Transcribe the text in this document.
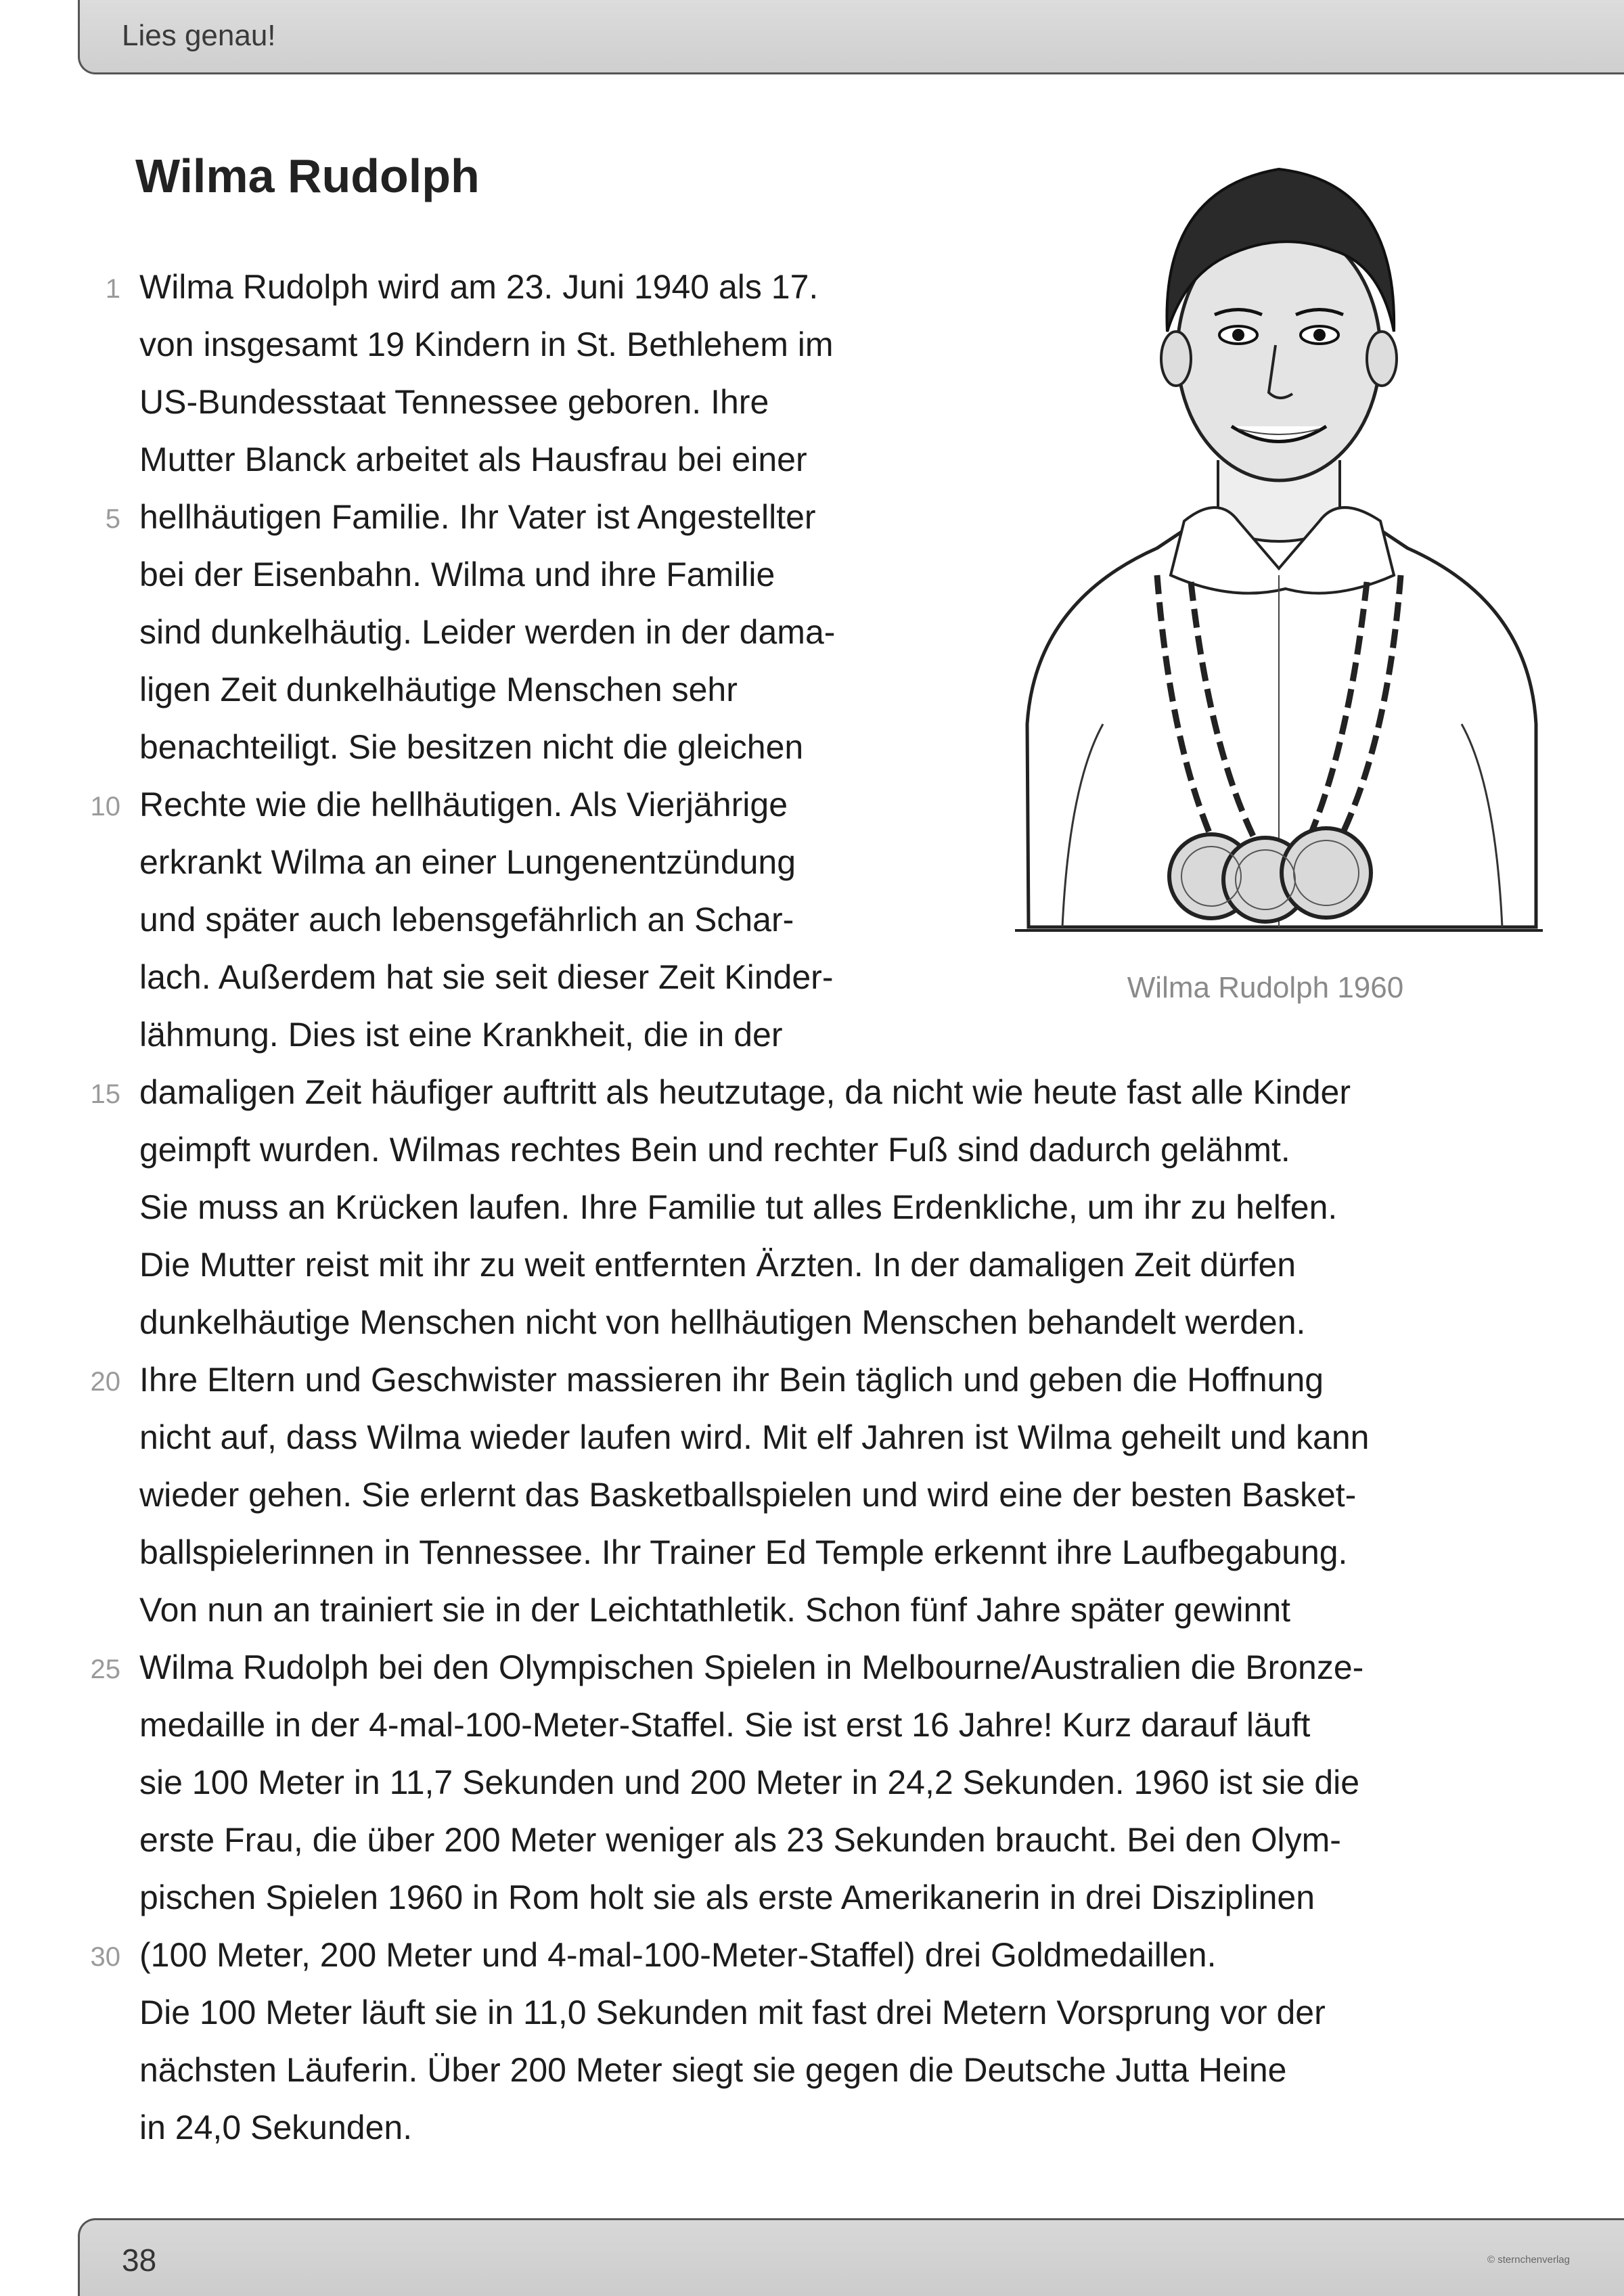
Lies genau!
Wilma Rudolph
Wilma Rudolph 1960
Wilma Rudolph wird am 23. Juni 1940 als 17.
von insgesamt 19 Kindern in St. Bethlehem im
US-Bundesstaat Tennessee geboren. Ihre
Mutter Blanck arbeitet als Hausfrau bei einer
hellhäutigen Familie. Ihr Vater ist Angestellter
bei der Eisenbahn. Wilma und ihre Familie
sind dunkelhäutig. Leider werden in der dama-
ligen Zeit dunkelhäutige Menschen sehr
benachteiligt. Sie besitzen nicht die gleichen
Rechte wie die hellhäutigen. Als Vierjährige
erkrankt Wilma an einer Lungenentzündung
und später auch lebensgefährlich an Schar-
lach. Außerdem hat sie seit dieser Zeit Kinder-
lähmung. Dies ist eine Krankheit, die in der
damaligen Zeit häufiger auftritt als heutzutage, da nicht wie heute fast alle Kinder
geimpft wurden. Wilmas rechtes Bein und rechter Fuß sind dadurch gelähmt.
Sie muss an Krücken laufen. Ihre Familie tut alles Erdenkliche, um ihr zu helfen.
Die Mutter reist mit ihr zu weit entfernten Ärzten. In der damaligen Zeit dürfen
dunkelhäutige Menschen nicht von hellhäutigen Menschen behandelt werden.
Ihre Eltern und Geschwister massieren ihr Bein täglich und geben die Hoffnung
nicht auf, dass Wilma wieder laufen wird. Mit elf Jahren ist Wilma geheilt und kann
wieder gehen. Sie erlernt das Basketballspielen und wird eine der besten Basket-
ballspielerinnen in Tennessee. Ihr Trainer Ed Temple erkennt ihre Laufbegabung.
Von nun an trainiert sie in der Leichtathletik. Schon fünf Jahre später gewinnt
Wilma Rudolph bei den Olympischen Spielen in Melbourne/Australien die Bronze-
medaille in der 4-mal-100-Meter-Staffel. Sie ist erst 16 Jahre! Kurz darauf läuft
sie 100 Meter in 11,7 Sekunden und 200 Meter in 24,2 Sekunden. 1960 ist sie die
erste Frau, die über 200 Meter weniger als 23 Sekunden braucht. Bei den Olym-
pischen Spielen 1960 in Rom holt sie als erste Amerikanerin in drei Disziplinen
(100 Meter, 200 Meter und 4-mal-100-Meter-Staffel) drei Goldmedaillen.
Die 100 Meter läuft sie in 11,0 Sekunden mit fast drei Metern Vorsprung vor der
nächsten Läuferin. Über 200 Meter siegt sie gegen die Deutsche Jutta Heine
in 24,0 Sekunden.
1
5
10
15
20
25
30
38	© sternchenverlag
